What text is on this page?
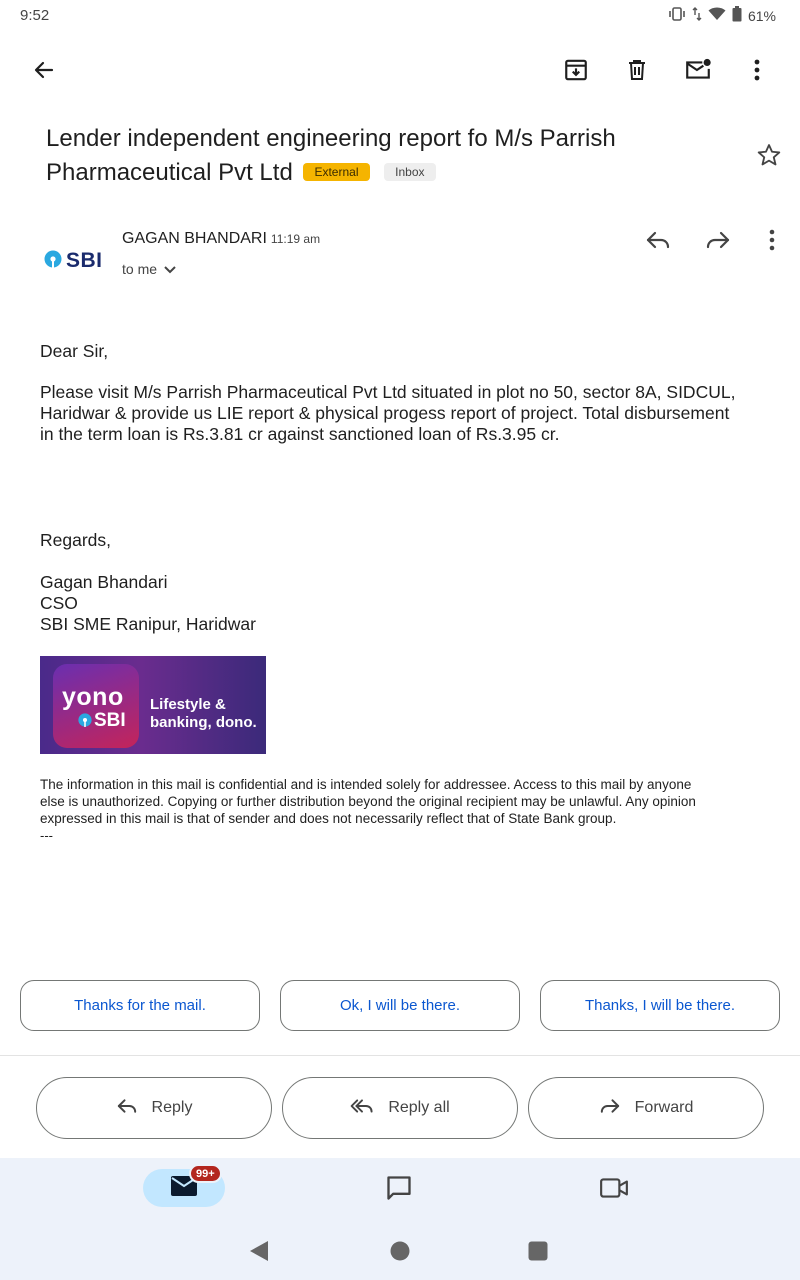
9:52	61%
Lender independent engineering report fo M/s Parrish Pharmaceutical Pvt Ltd External	Inbox
SBI
GAGAN BHANDARI 11:19 am
to me
Dear Sir,
Please visit M/s Parrish Pharmaceutical Pvt Ltd situated in plot no 50, sector 8A, SIDCUL,
Haridwar & provide us LIE report & physical progess report of project. Total disbursement
in the term loan is Rs.3.81 cr against sanctioned loan of Rs.3.95 cr.
Regards,
Gagan Bhandari
CSO
SBI SME Ranipur, Haridwar
yono
SBI
Lifestyle &
banking, dono.
The information in this mail is confidential and is intended solely for addressee. Access to this mail by anyone
else is unauthorized. Copying or further distribution beyond the original recipient may be unlawful. Any opinion
expressed in this mail is that of sender and does not necessarily reflect that of State Bank group.
---
Thanks for the mail.	Ok, I will be there.	Thanks, I will be there.
Reply	Reply all	Forward
99+
